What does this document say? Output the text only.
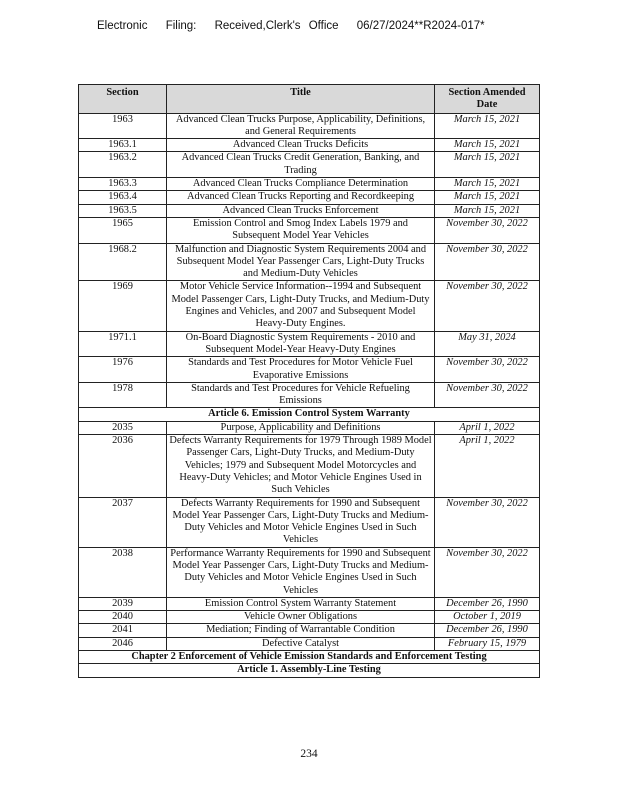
Electronic Filing: Received,Clerk's Office 06/27/2024**R2024-017*
Section	Title	Section Amended Date
1963	Advanced Clean Trucks Purpose, Applicability, Definitions, and General Requirements	March 15, 2021
1963.1	Advanced Clean Trucks Deficits	March 15, 2021
1963.2	Advanced Clean Trucks Credit Generation, Banking, and Trading	March 15, 2021
1963.3	Advanced Clean Trucks Compliance Determination	March 15, 2021
1963.4	Advanced Clean Trucks Reporting and Recordkeeping	March 15, 2021
1963.5	Advanced Clean Trucks Enforcement	March 15, 2021
1965	Emission Control and Smog Index Labels 1979 and Subsequent Model Year Vehicles	November 30, 2022
1968.2	Malfunction and Diagnostic System Requirements 2004 and Subsequent Model Year Passenger Cars, Light-Duty Trucks and Medium-Duty Vehicles	November 30, 2022
1969	Motor Vehicle Service Information--1994 and Subsequent Model Passenger Cars, Light-Duty Trucks, and Medium-Duty Engines and Vehicles, and 2007 and Subsequent Model Heavy-Duty Engines.	November 30, 2022
1971.1	On-Board Diagnostic System Requirements - 2010 and Subsequent Model-Year Heavy-Duty Engines	May 31, 2024
1976	Standards and Test Procedures for Motor Vehicle Fuel Evaporative Emissions	November 30, 2022
1978	Standards and Test Procedures for Vehicle Refueling Emissions	November 30, 2022
Article 6. Emission Control System Warranty		
2035	Purpose, Applicability and Definitions	April 1, 2022
2036	Defects Warranty Requirements for 1979 Through 1989 Model Passenger Cars, Light-Duty Trucks, and Medium-Duty Vehicles; 1979 and Subsequent Model Motorcycles and Heavy-Duty Vehicles; and Motor Vehicle Engines Used in Such Vehicles	April 1, 2022
2037	Defects Warranty Requirements for 1990 and Subsequent Model Year Passenger Cars, Light-Duty Trucks and Medium-Duty Vehicles and Motor Vehicle Engines Used in Such Vehicles	November 30, 2022
2038	Performance Warranty Requirements for 1990 and Subsequent Model Year Passenger Cars, Light-Duty Trucks and Medium-Duty Vehicles and Motor Vehicle Engines Used in Such Vehicles	November 30, 2022
2039	Emission Control System Warranty Statement	December 26, 1990
2040	Vehicle Owner Obligations	October 1, 2019
2041	Mediation; Finding of Warrantable Condition	December 26, 1990
2046	Defective Catalyst	February 15, 1979
Chapter 2 Enforcement of Vehicle Emission Standards and Enforcement Testing		
Article 1. Assembly-Line Testing		
234
